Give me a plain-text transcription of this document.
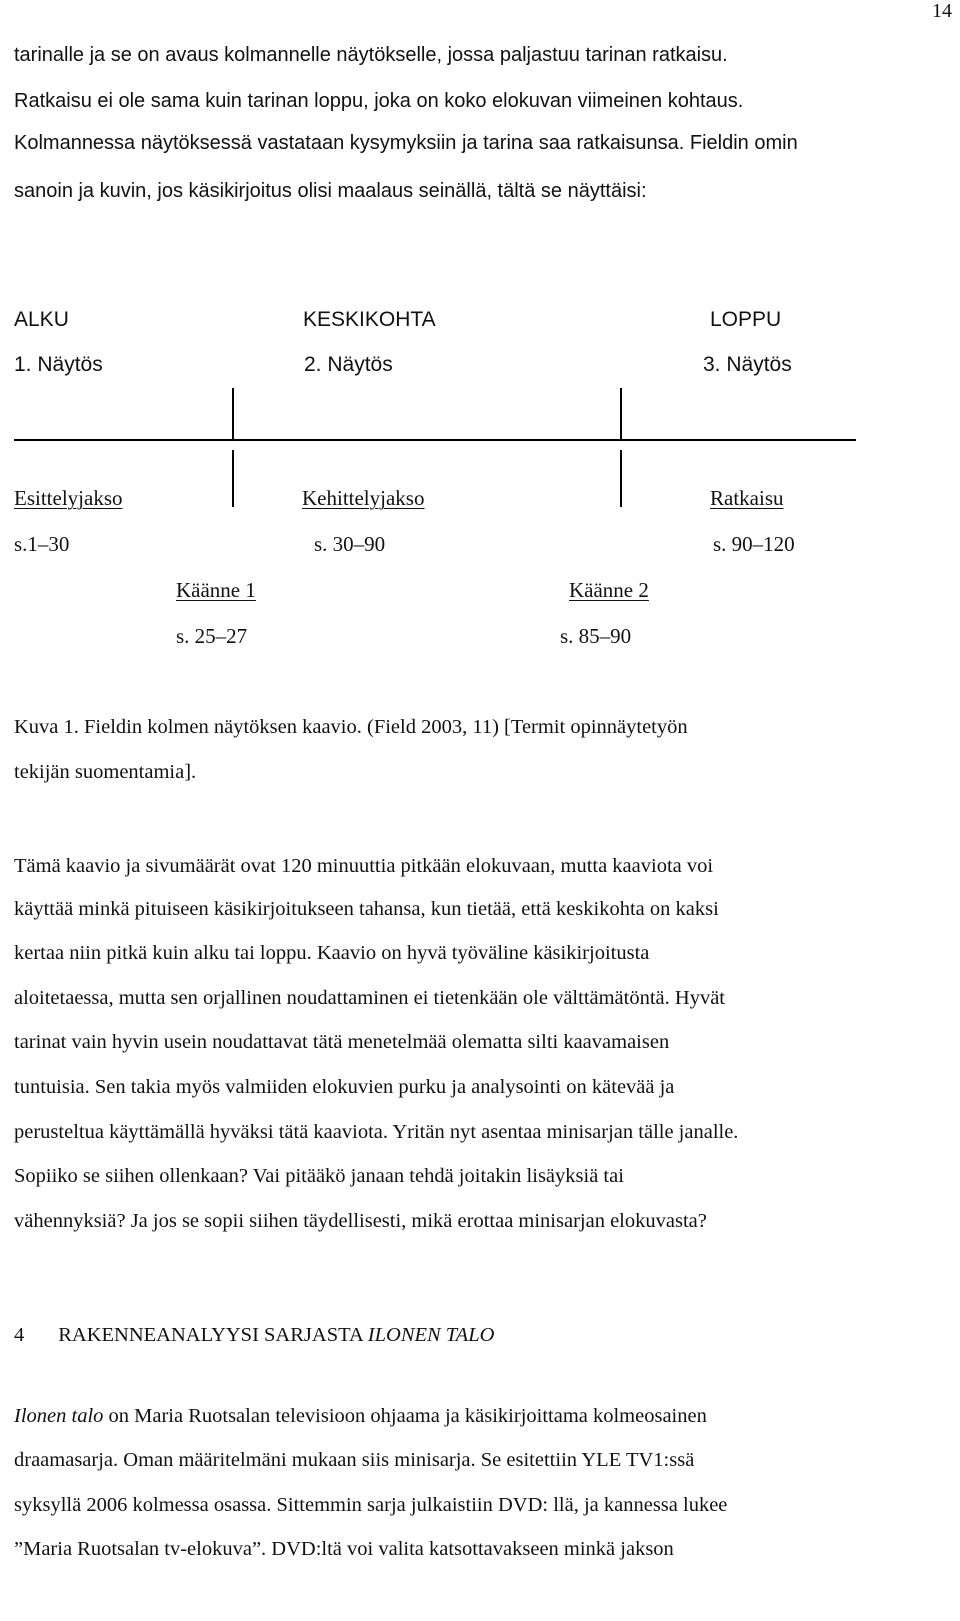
14
tarinalle ja se on avaus kolmannelle näytökselle, jossa paljastuu tarinan ratkaisu.
Ratkaisu ei ole sama kuin tarinan loppu, joka on koko elokuvan viimeinen kohtaus.
Kolmannessa näytöksessä vastataan kysymyksiin ja tarina saa ratkaisunsa. Fieldin omin
sanoin ja kuvin, jos käsikirjoitus olisi maalaus seinällä, tältä se näyttäisi:
ALKU	KESKIKOHTA	LOPPU
1. Näytös	2. Näytös	3. Näytös
Esittelyjakso	Kehittelyjakso	Ratkaisu
s.1‒30	s. 30‒90	s. 90‒120
Käänne 1	Käänne 2
s. 25‒27	s. 85‒90
Kuva 1. Fieldin kolmen näytöksen kaavio. (Field 2003, 11) [Termit opinnäytetyön
tekijän suomentamia].
Tämä kaavio ja sivumäärät ovat 120 minuuttia pitkään elokuvaan, mutta kaaviota voi
käyttää minkä pituiseen käsikirjoitukseen tahansa, kun tietää, että keskikohta on kaksi
kertaa niin pitkä kuin alku tai loppu. Kaavio on hyvä työväline käsikirjoitusta
aloitetaessa, mutta sen orjallinen noudattaminen ei tietenkään ole välttämätöntä. Hyvät
tarinat vain hyvin usein noudattavat tätä menetelmää olematta silti kaavamaisen
tuntuisia. Sen takia myös valmiiden elokuvien purku ja analysointi on kätevää ja
perusteltua käyttämällä hyväksi tätä kaaviota. Yritän nyt asentaa minisarjan tälle janalle.
Sopiiko se siihen ollenkaan? Vai pitääkö janaan tehdä joitakin lisäyksiä tai
vähennyksiä? Ja jos se sopii siihen täydellisesti, mikä erottaa minisarjan elokuvasta?
4 RAKENNEANALYYSI SARJASTA ILONEN TALO
Ilonen talo on Maria Ruotsalan televisioon ohjaama ja käsikirjoittama kolmeosainen
draamasarja. Oman määritelmäni mukaan siis minisarja. Se esitettiin YLE TV1:ssä
syksyllä 2006 kolmessa osassa. Sittemmin sarja julkaistiin DVD: llä, ja kannessa lukee
”Maria Ruotsalan tv-elokuva”. DVD:ltä voi valita katsottavakseen minkä jakson
